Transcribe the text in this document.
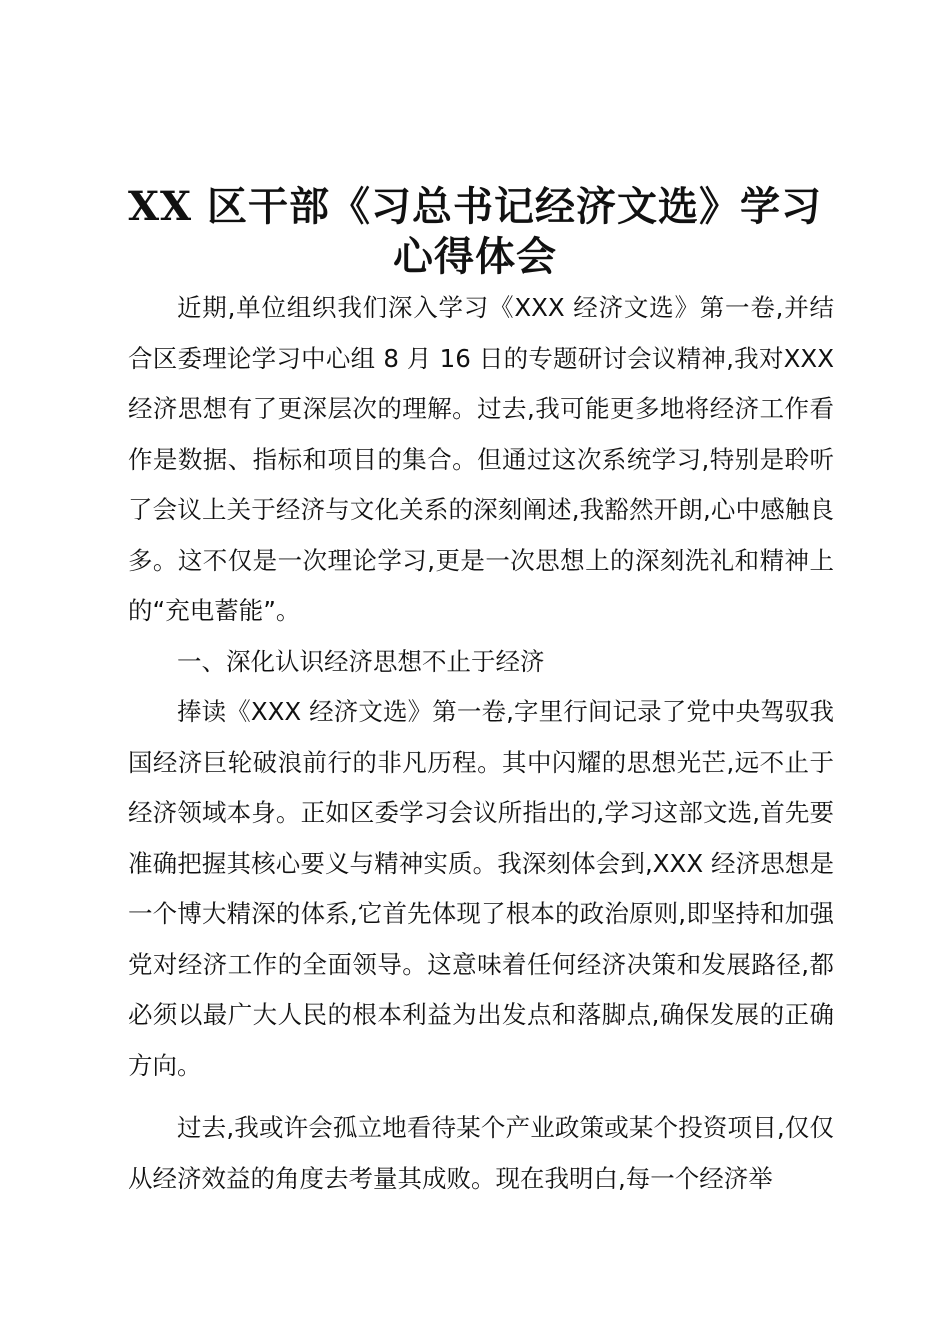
XX 区干部《习总书记经济文选》学习
心得体会

近期,单位组织我们深入学习《XXX 经济文选》第一卷,并结合区委理论学习中心组 8 月 16 日的专题研讨会议精神,我对XXX 经济思想有了更深层次的理解。过去,我可能更多地将经济工作看作是数据、指标和项目的集合。但通过这次系统学习,特别是聆听了会议上关于经济与文化关系的深刻阐述,我豁然开朗,心中感触良多。这不仅是一次理论学习,更是一次思想上的深刻洗礼和精神上的“充电蓄能”。

一、深化认识经济思想不止于经济

捧读《XXX 经济文选》第一卷,字里行间记录了党中央驾驭我国经济巨轮破浪前行的非凡历程。其中闪耀的思想光芒,远不止于经济领域本身。正如区委学习会议所指出的,学习这部文选,首先要准确把握其核心要义与精神实质。我深刻体会到,XXX 经济思想是一个博大精深的体系,它首先体现了根本的政治原则,即坚持和加强党对经济工作的全面领导。这意味着任何经济决策和发展路径,都必须以最广大人民的根本利益为出发点和落脚点,确保发展的正确方向。

过去,我或许会孤立地看待某个产业政策或某个投资项目,仅仅从经济效益的角度去考量其成败。现在我明白,每一个经济举
